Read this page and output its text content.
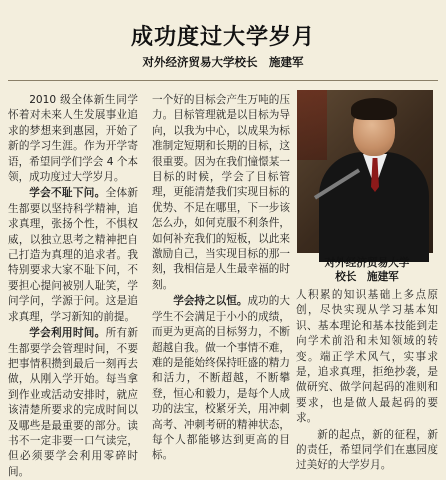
成功度过大学岁月
对外经济贸易大学校长　施建军

2010 级全体新生同学怀着对未来人生发展事业追求的梦想来到惠园，开始了新的学习生涯。作为开学寄语，希望同学们学会 4 个本领，成功度过大学岁月。

学会不耻下问。全体新生都要以坚持科学精神，追求真理，张扬个性，不惧权威，以独立思考之精神把自己打造为真理的追求者。我特别要求大家不耻下问，不要担心提问被别人耻笑，学问学问，学源于问。这是追求真理，学习新知的前提。

学会利用时间。所有新生都要学会管理时间，不要把事情积攒到最后一刻再去做，从刚入学开始。每当拿到作业或活动安排时，就应该清楚所要求的完成时间以及哪些是最重要的部分。读书不一定非要一口气读完，但必须要学会利用零碎时间。

一个好的目标会产生万吨的压力。目标管理就是以目标为导向，以我为中心，以成果为标准制定短期和长期的目标，这很重要。因为在我们憧憬某一目标的时候，学会了目标管理，更能清楚我们实现目标的优势、不足在哪里，下一步该怎么办，如何克服不利条件，如何补充我们的短板，以此来激励自己，当实现目标的那一刻，我相信是人生最幸福的时刻。

学会持之以恒。成功的大学生不会满足于小小的成绩，而更为更高的目标努力，不断超越自我。做一个事情不难，难的是能始终保持旺盛的精力和活力，不断超越，不断攀登，恒心和毅力，是每个人成功的法宝，校紧牙关，用冲刺高考、冲刺考研的精神状态，每个人都能够达到更高的目标。

对外经济贸易大学
校长　施建军

人积累的知识基础上多点原创，尽快实现从学习基本知识、基本理论和基本技能到走向学术前沿和未知领域的转变。端正学术风气，实事求是，追求真理，拒绝抄袭，是做研究、做学问起码的准则和要求，也是做人最起码的要求。

新的起点，新的征程，新的责任，希望同学们在惠园度过美好的大学岁月。
